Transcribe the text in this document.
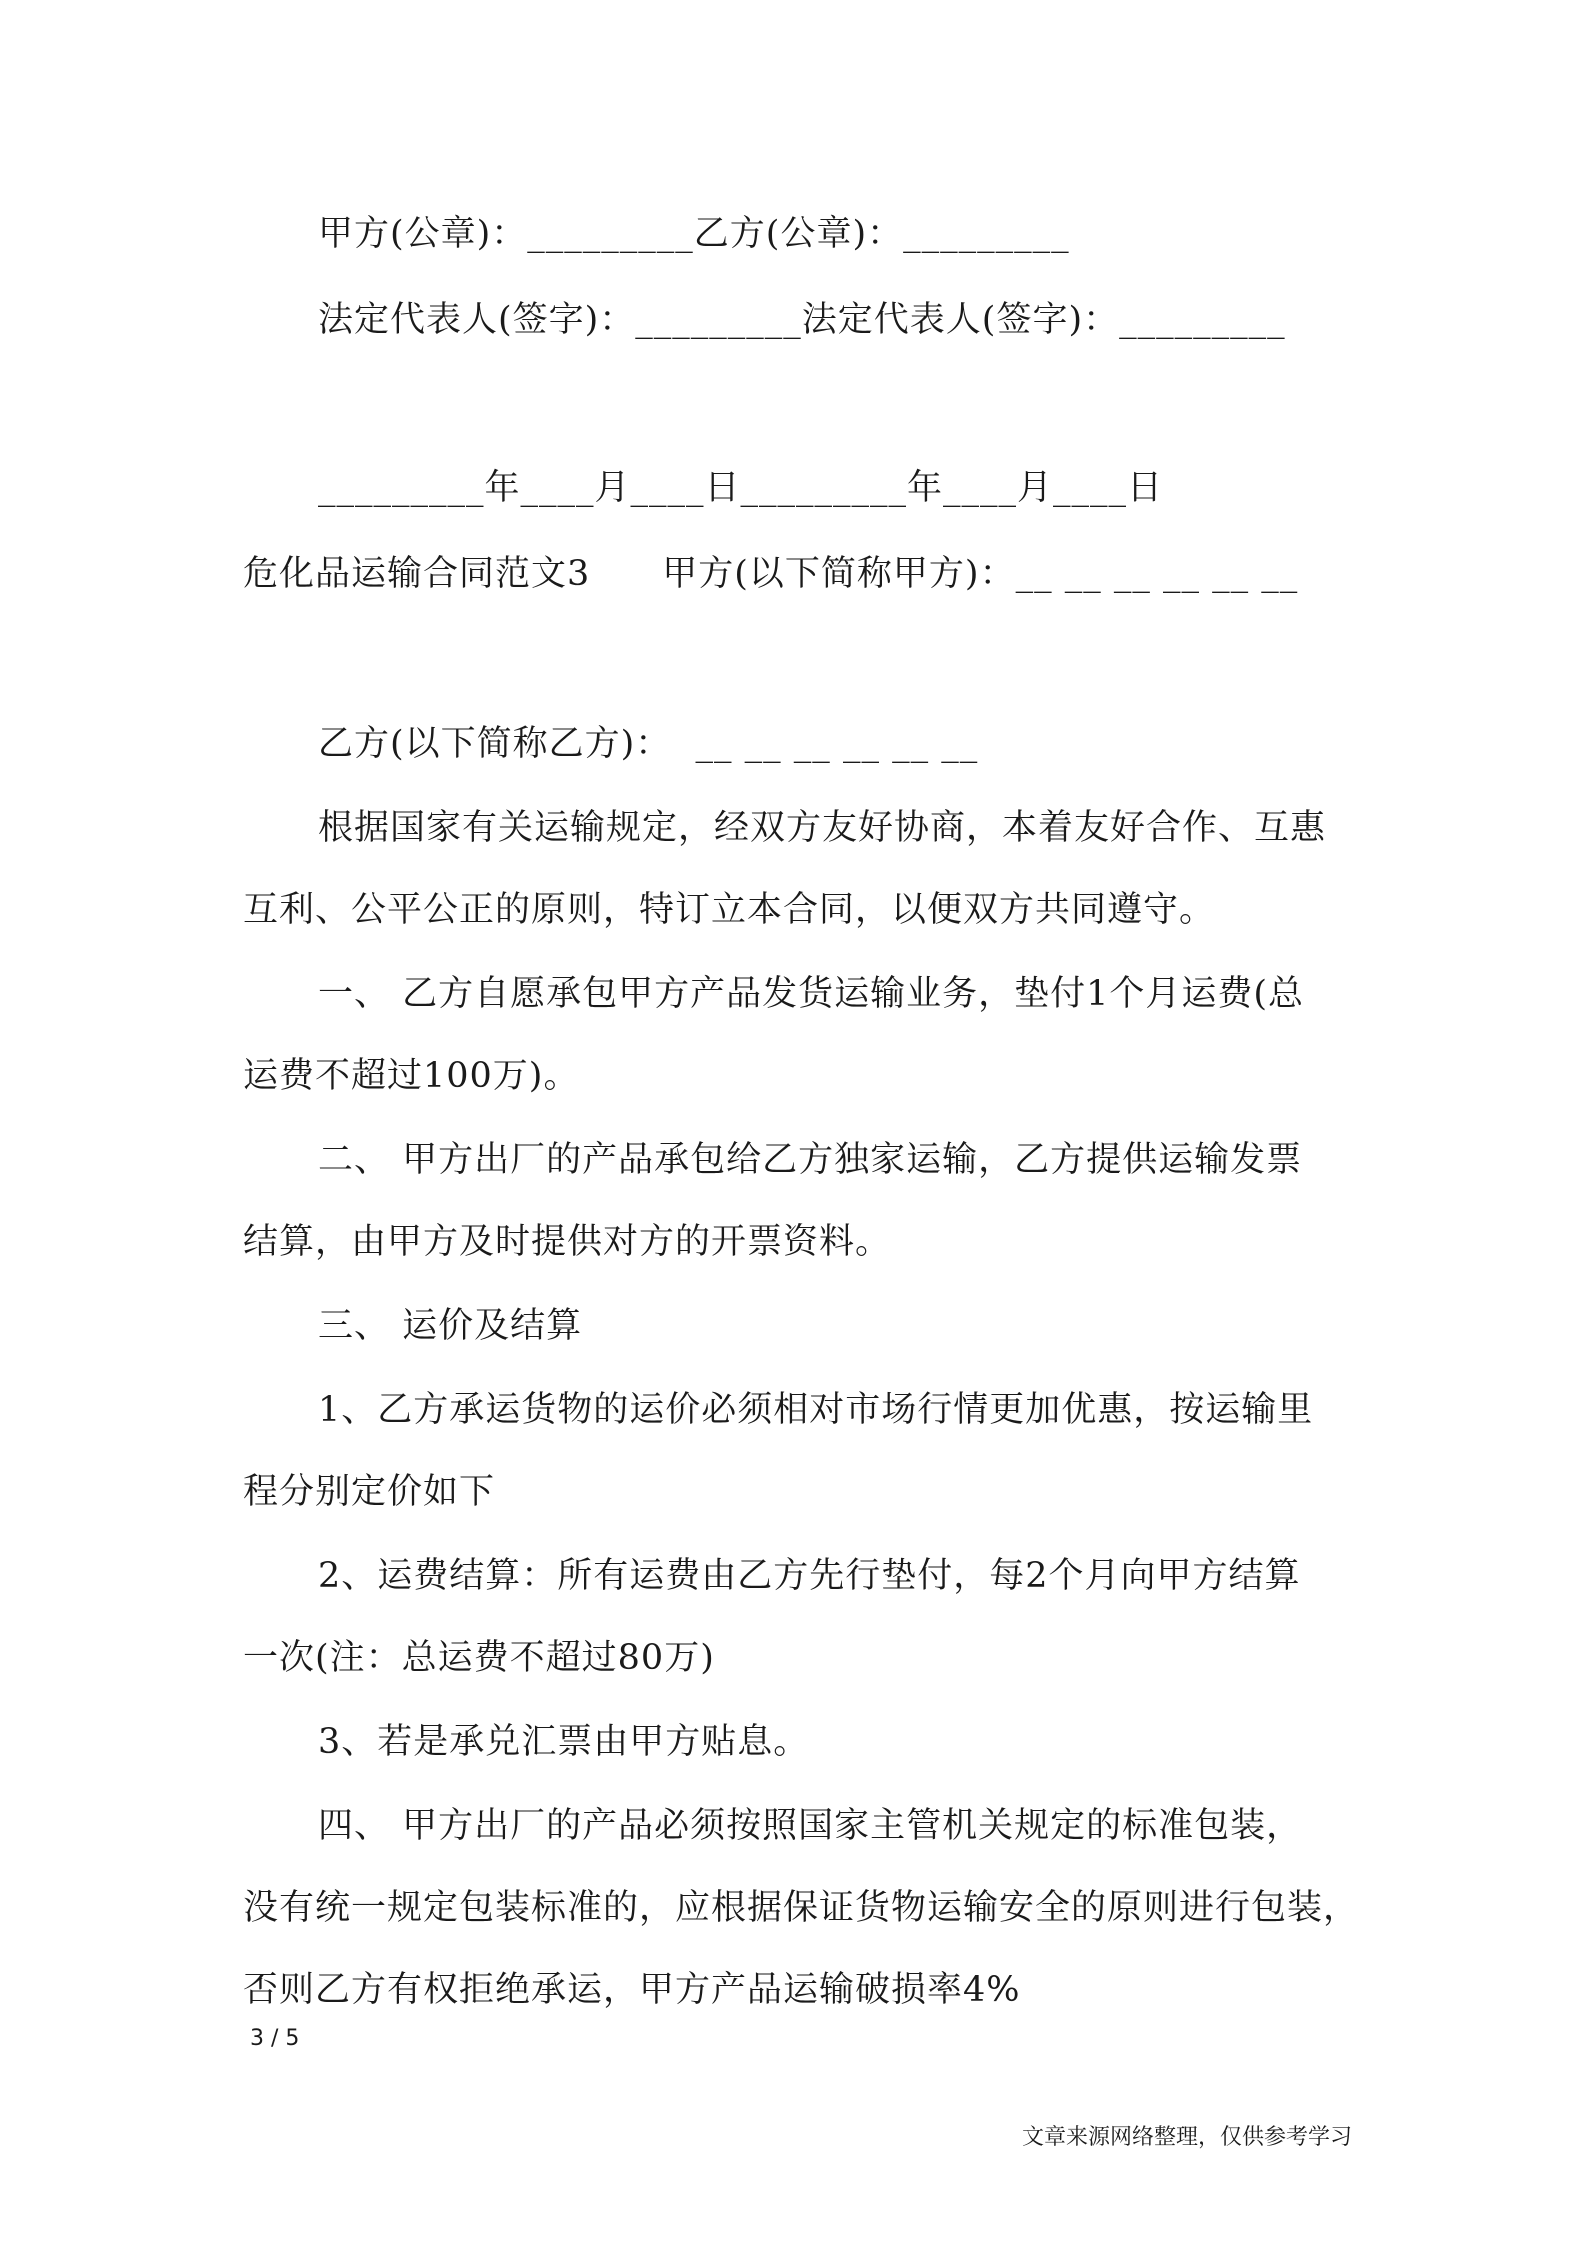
甲方(公章)：_________乙方(公章)：_________
法定代表人(签字)：_________法定代表人(签字)：_________
_________年____月____日_________年____月____日
危化品运输合同范文3　　甲方(以下简称甲方)：__ __ __ __ __ __
乙方(以下简称乙方)：  __ __ __ __ __ __
根据国家有关运输规定，经双方友好协商，本着友好合作、互惠
互利、公平公正的原则，特订立本合同，以便双方共同遵守。
一、 乙方自愿承包甲方产品发货运输业务，垫付1个月运费(总
运费不超过100万)。
二、 甲方出厂的产品承包给乙方独家运输，乙方提供运输发票
结算，由甲方及时提供对方的开票资料。
三、 运价及结算
1、乙方承运货物的运价必须相对市场行情更加优惠，按运输里
程分别定价如下
2、运费结算：所有运费由乙方先行垫付，每2个月向甲方结算
一次(注：总运费不超过80万)
3、若是承兑汇票由甲方贴息。
四、 甲方出厂的产品必须按照国家主管机关规定的标准包装，
没有统一规定包装标准的，应根据保证货物运输安全的原则进行包装，
否则乙方有权拒绝承运，甲方产品运输破损率4%
3 / 5
文章来源网络整理，仅供参考学习
